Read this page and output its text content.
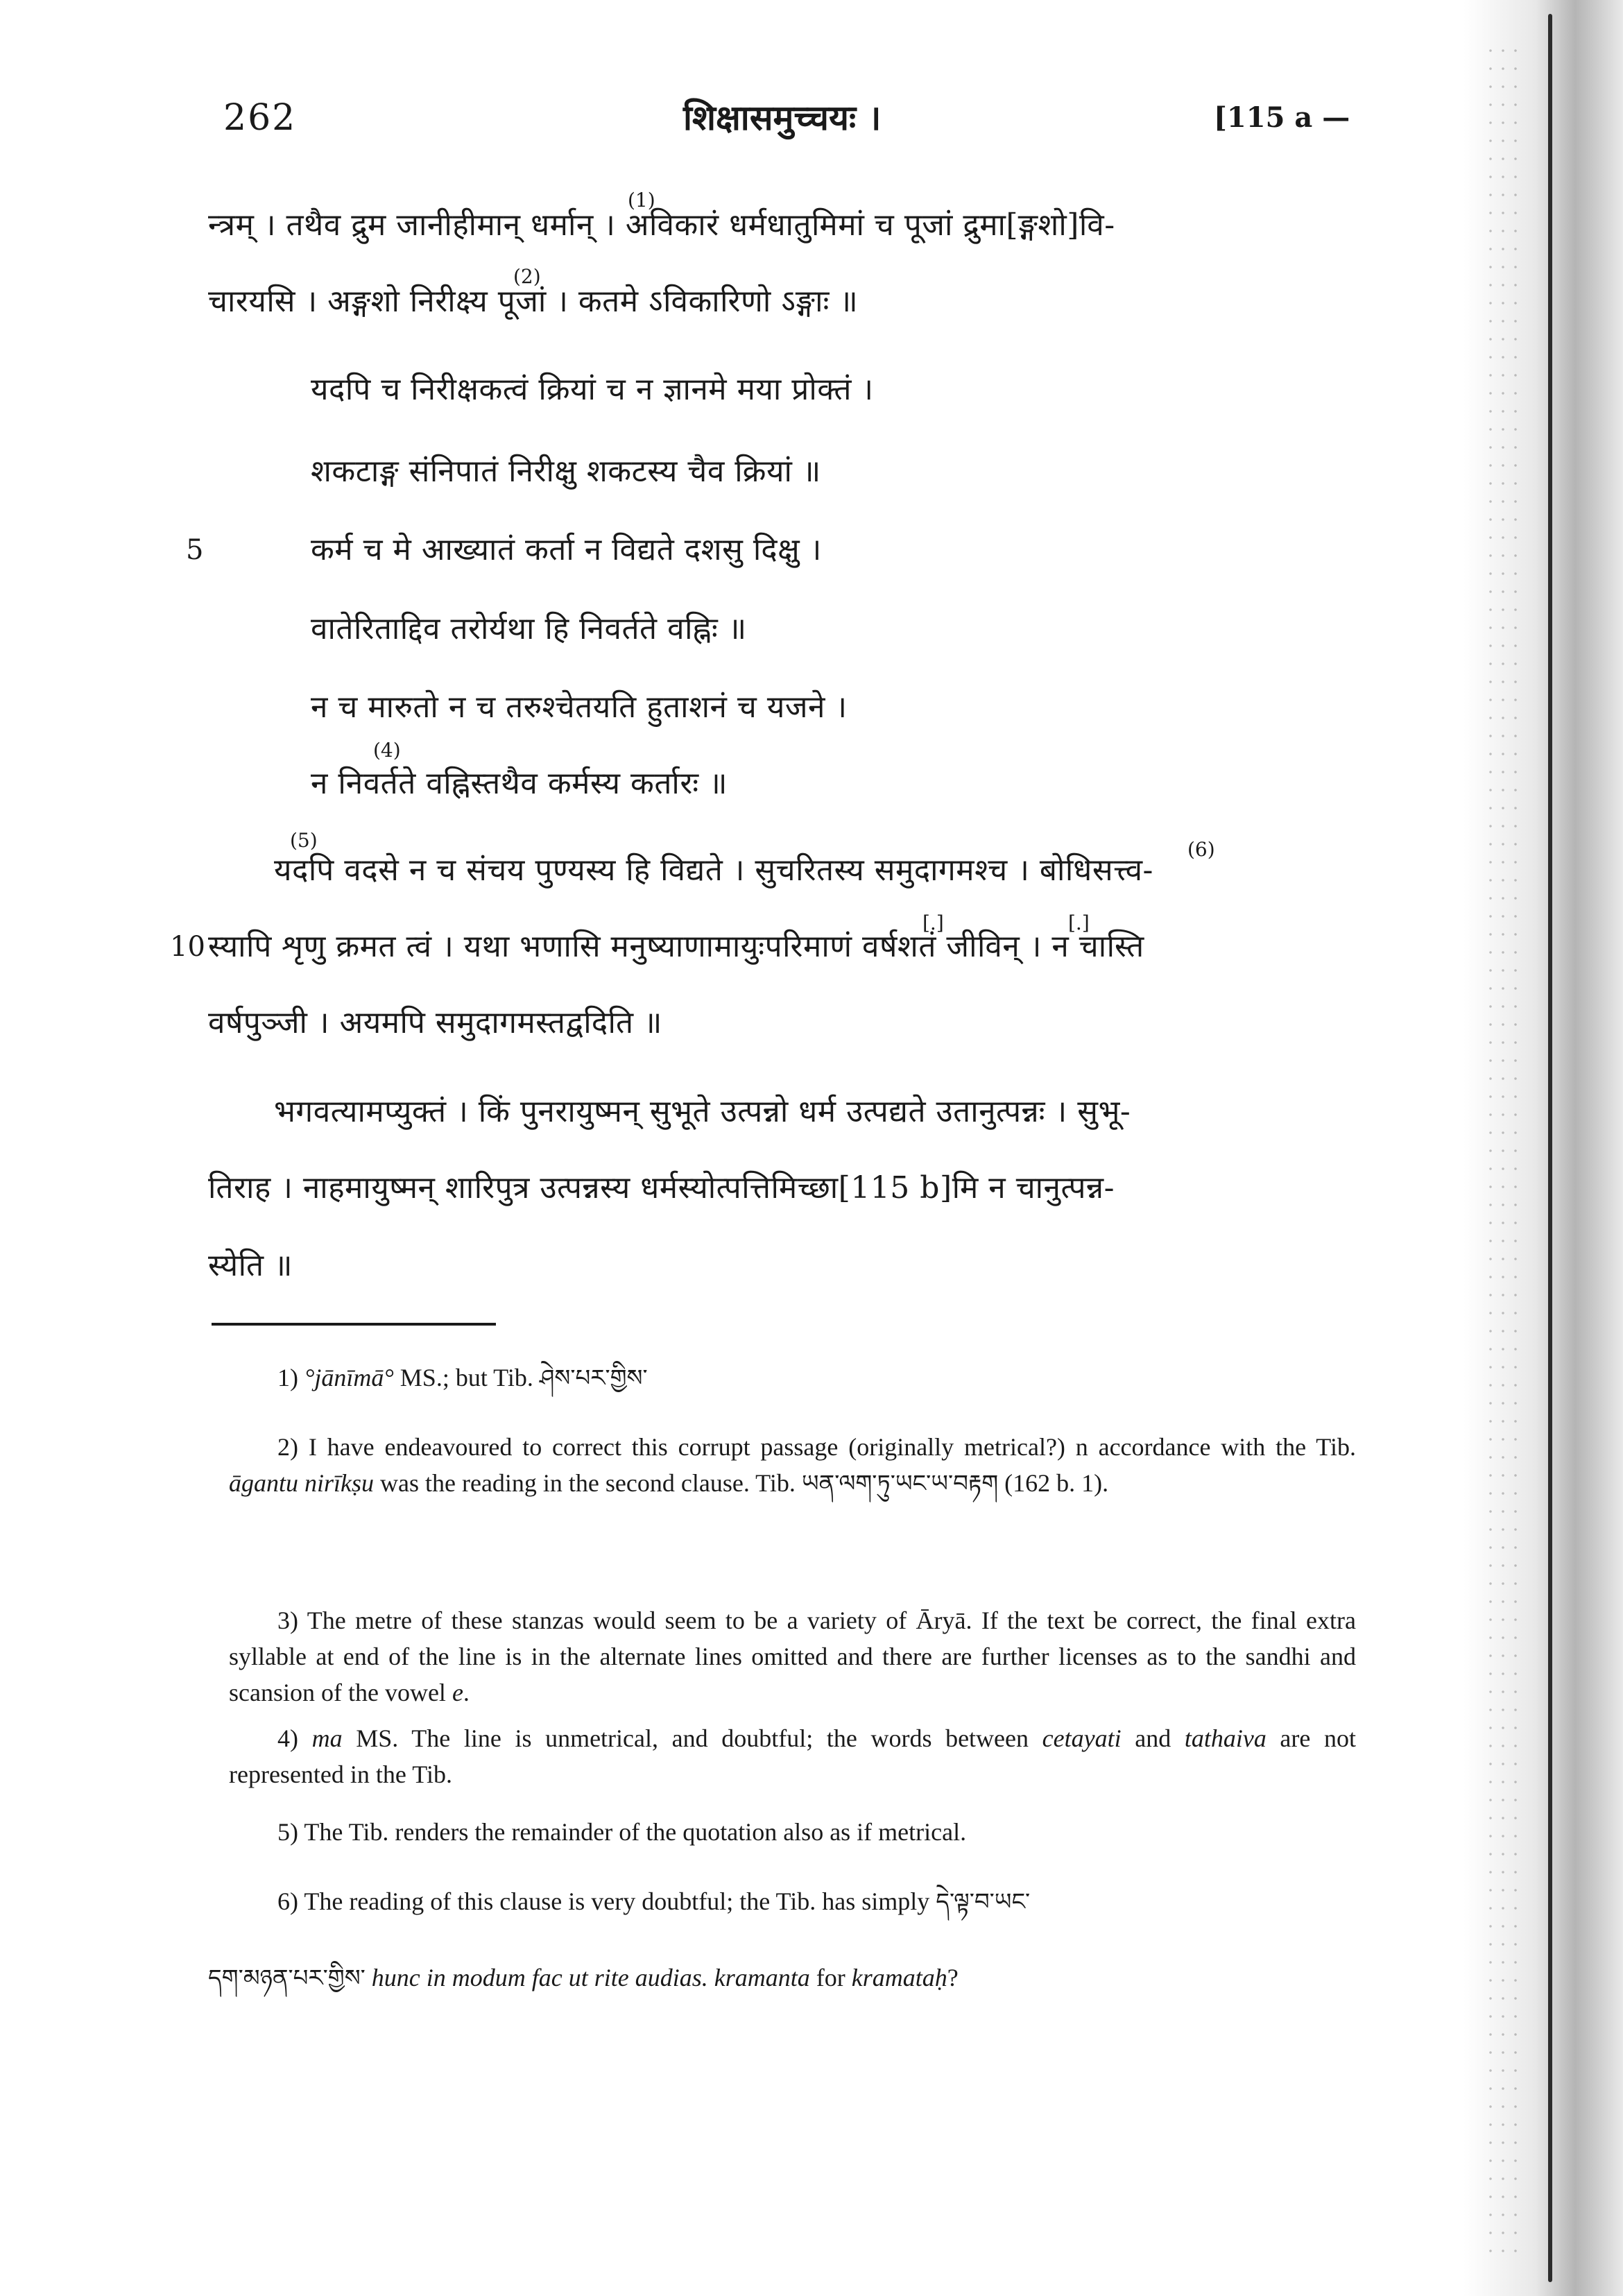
262	शिक्षासमुच्चयः ।	[115 a —
(1)
(2)
(4)
(5)	(6)
[.]	[.]
न्त्रम् । तथैव द्रुम जानीहीमान् धर्मान् । अविकारं धर्मधातुमिमां च पूजां द्रुमा[ङ्गशो]वि-
चारयसि । अङ्गशो निरीक्ष्य पूजां । कतमे ऽविकारिणो ऽङ्गाः ॥
यदपि च निरीक्षकत्वं क्रियां च न ज्ञानमे मया प्रोक्तं ।
शकटाङ्ग संनिपातं निरीक्षु शकटस्य चैव क्रियां ॥
5	कर्म च मे आख्यातं कर्ता न विद्यते दशसु दिक्षु ।
वातेरिताद्दिव तरोर्यथा हि निवर्तते वह्निः ॥
न च मारुतो न च तरुश्चेतयति हुताशनं च यजने ।
न निवर्तते वह्निस्तथैव कर्मस्य कर्तारः ॥
यदपि वदसे न च संचय पुण्यस्य हि विद्यते । सुचरितस्य समुदागमश्च । बोधिसत्त्व-
10 स्यापि शृणु क्रमत त्वं । यथा भणासि मनुष्याणामायुःपरिमाणं वर्षशतं जीविन् । न चास्ति
वर्षपुञ्जी । अयमपि समुदागमस्तद्वदिति ॥
भगवत्यामप्युक्तं । किं पुनरायुष्मन् सुभूते उत्पन्नो धर्म उत्पद्यते उतानुत्पन्नः । सुभू-
तिराह । नाहमायुष्मन् शारिपुत्र उत्पन्नस्य धर्मस्योत्पत्तिमिच्छा[115 b]मि न चानुत्पन्न-
स्येति ॥
1) °jānīmā° MS.; but Tib. ཤེས་པར་གྱིས་
2) I have endeavoured to correct this corrupt passage (originally metrical?) n accordance with the Tib. āgantu nirīkṣu was the reading in the second clause. Tib. ཡན་ལག་ཏུ་ཡང་ཡ་བརྟག (162 b. 1).
3) The metre of these stanzas would seem to be a variety of Āryā. If the text be correct, the final extra syllable at end of the line is in the alternate lines omitted and there are further licenses as to the sandhi and scansion of the vowel e.
4) ma MS. The line is unmetrical, and doubtful; the words between cetayati and tathaiva are not represented in the Tib.
5) The Tib. renders the remainder of the quotation also as if metrical.
6) The reading of this clause is very doubtful; the Tib. has simply དེ་ལྟ་བ་ཡང་
དག་མཉན་པར་གྱིས་ hunc in modum fac ut rite audias. kramanta for kramataḥ?
